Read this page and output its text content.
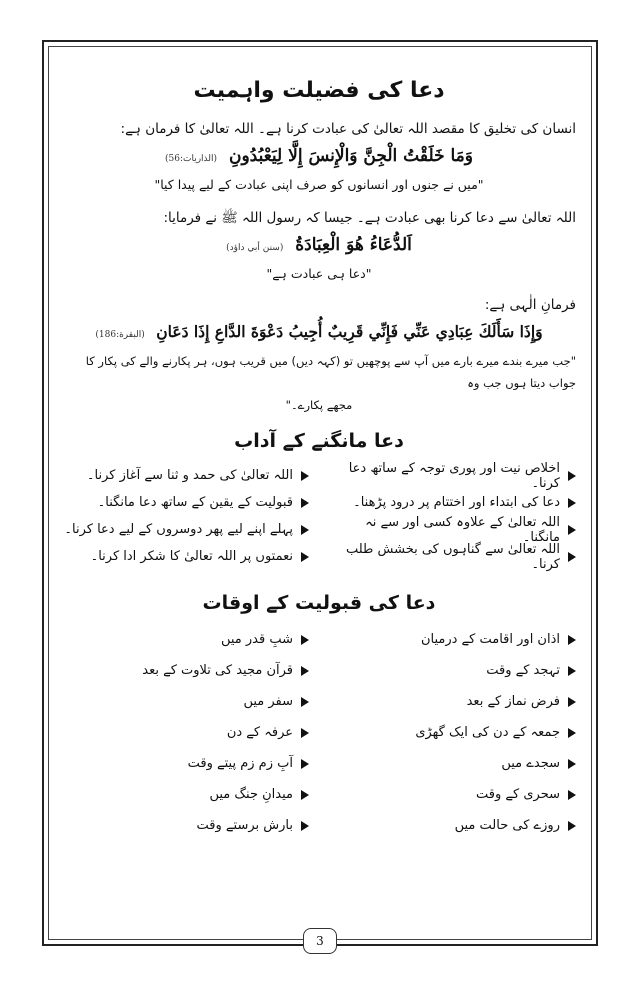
دعا کی فضیلت واہمیت
انسان کی تخلیق کا مقصد اللہ تعالیٰ کی عبادت کرنا ہے۔ اللہ تعالیٰ کا فرمان ہے:
وَمَا خَلَقْتُ الْجِنَّ وَالْإِنسَ إِلَّا لِيَعْبُدُونِ (الذاریات:56)
"میں نے جنوں اور انسانوں کو صرف اپنی عبادت کے لیے پیدا کیا"
اللہ تعالیٰ سے دعا کرنا بھی عبادت ہے۔ جیسا کہ رسول اللہ ﷺ نے فرمایا:
اَلدُّعَاءُ هُوَ الْعِبَادَةُ (سنن أبي داؤد)
"دعا ہی عبادت ہے"
فرمانِ الٰہی ہے:
وَإِذَا سَأَلَكَ عِبَادِي عَنِّي فَإِنِّي قَرِيبٌ أُجِيبُ دَعْوَةَ الدَّاعِ إِذَا دَعَانِ (البقرة:186)
"جب میرے بندے میرے بارے میں آپ سے پوچھیں تو (کہہ دیں) میں قریب ہوں، ہر پکارنے والے کی پکار کا جواب دیتا ہوں جب وہ
مجھے پکارے۔"
دعا مانگنے کے آداب
اخلاص نیت اور پوری توجہ کے ساتھ دعا کرنا۔
اللہ تعالیٰ کی حمد و ثنا سے آغاز کرنا۔
دعا کی ابتداء اور اختتام پر درود پڑھنا۔
قبولیت کے یقین کے ساتھ دعا مانگنا۔
اللہ تعالیٰ کے علاوہ کسی اور سے نہ مانگنا۔
پہلے اپنے لیے پھر دوسروں کے لیے دعا کرنا۔
اللہ تعالیٰ سے گناہوں کی بخشش طلب کرنا۔
نعمتوں پر اللہ تعالیٰ کا شکر ادا کرنا۔
دعا کی قبولیت کے اوقات
اذان اور اقامت کے درمیان
شبِ قدر میں
تہجد کے وقت
قرآن مجید کی تلاوت کے بعد
فرض نماز کے بعد
سفر میں
جمعہ کے دن کی ایک گھڑی
عرفہ کے دن
سجدے میں
آبِ زم زم پیتے وقت
سحری کے وقت
میدانِ جنگ میں
روزے کی حالت میں
بارش برستے وقت
3
